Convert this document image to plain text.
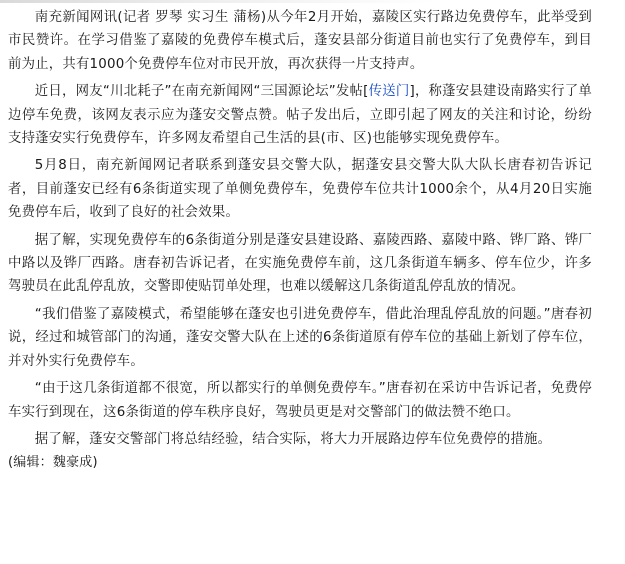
南充新闻网讯(记者 罗琴 实习生 蒲杨)从今年2月开始，嘉陵区实行路边免费停车，此举受到市民赞许。在学习借鉴了嘉陵的免费停车模式后，蓬安县部分街道目前也实行了免费停车，到目前为止，共有1000个免费停车位对市民开放，再次获得一片支持声。

近日，网友“川北耗子”在南充新闻网“三国源论坛”发帖[传送门]，称蓬安县建设南路实行了单边停车免费，该网友表示应为蓬安交警点赞。帖子发出后，立即引起了网友的关注和讨论，纷纷支持蓬安实行免费停车，许多网友希望自己生活的县(市、区)也能够实现免费停车。

5月8日，南充新闻网记者联系到蓬安县交警大队，据蓬安县交警大队大队长唐春初告诉记者，目前蓬安已经有6条街道实现了单侧免费停车，免费停车位共计1000余个，从4月20日实施免费停车后，收到了良好的社会效果。

据了解，实现免费停车的6条街道分别是蓬安县建设路、嘉陵西路、嘉陵中路、铧厂路、铧厂中路以及铧厂西路。唐春初告诉记者，在实施免费停车前，这几条街道车辆多、停车位少，许多驾驶员在此乱停乱放，交警即使贴罚单处理，也难以缓解这几条街道乱停乱放的情况。

“我们借鉴了嘉陵模式，希望能够在蓬安也引进免费停车，借此治理乱停乱放的问题。”唐春初说，经过和城管部门的沟通，蓬安交警大队在上述的6条街道原有停车位的基础上新划了停车位，并对外实行免费停车。

“由于这几条街道都不很宽，所以都实行的单侧免费停车。”唐春初在采访中告诉记者，免费停车实行到现在，这6条街道的停车秩序良好，驾驶员更是对交警部门的做法赞不绝口。

据了解，蓬安交警部门将总结经验，结合实际，将大力开展路边停车位免费停的措施。

(编辑：魏豪成)
